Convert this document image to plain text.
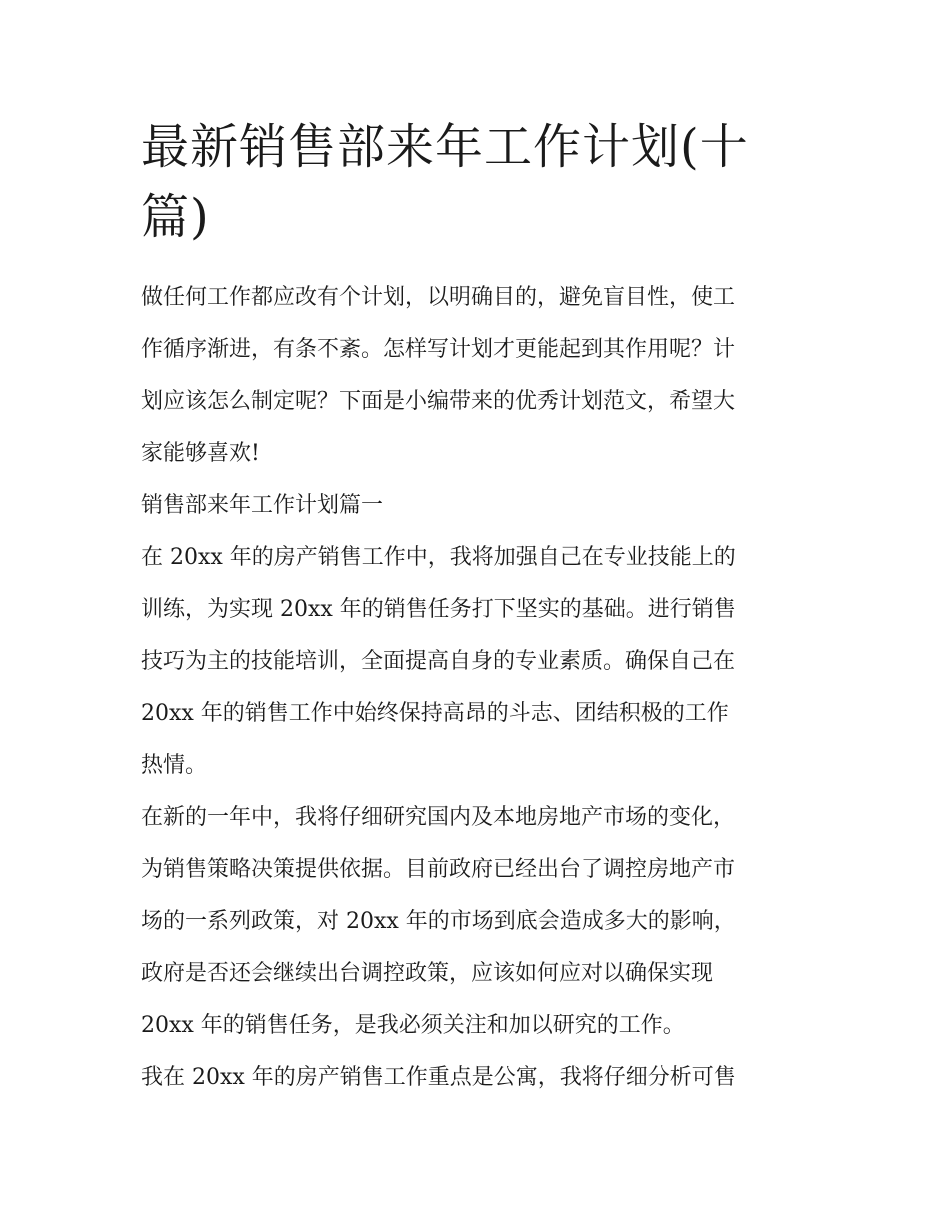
最新销售部来年工作计划(十
篇)

做任何工作都应改有个计划，以明确目的，避免盲目性，使工

作循序渐进，有条不紊。怎样写计划才更能起到其作用呢？计

划应该怎么制定呢？下面是小编带来的优秀计划范文，希望大

家能够喜欢!

销售部来年工作计划篇一

在 20xx 年的房产销售工作中，我将加强自己在专业技能上的

训练，为实现 20xx 年的销售任务打下坚实的基础。进行销售

技巧为主的技能培训，全面提高自身的专业素质。确保自己在

20xx 年的销售工作中始终保持高昂的斗志、团结积极的工作

热情。

在新的一年中，我将仔细研究国内及本地房地产市场的变化，

为销售策略决策提供依据。目前政府已经出台了调控房地产市

场的一系列政策，对 20xx 年的市场到底会造成多大的影响，

政府是否还会继续出台调控政策，应该如何应对以确保实现

20xx 年的销售任务，是我必须关注和加以研究的工作。

我在 20xx 年的房产销售工作重点是公寓，我将仔细分析可售
